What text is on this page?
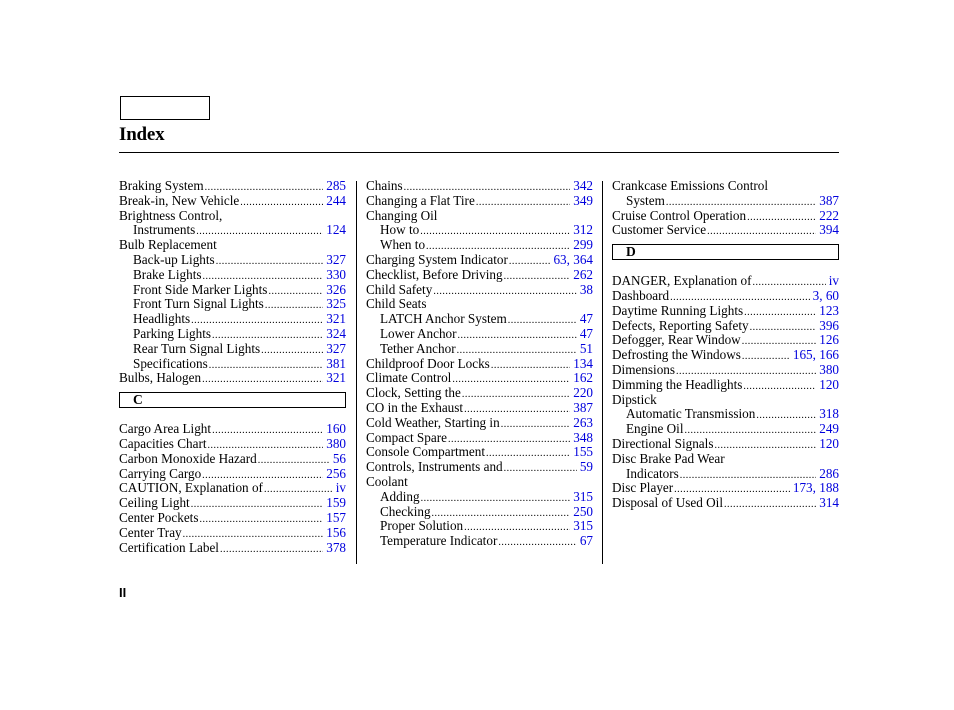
Index
Braking System .....	285
Break-in, New Vehicle .....	244
Brightness Control,
Instruments .....	124
Bulb Replacement
Back-up Lights .....	327
Brake Lights .....	330
Front Side Marker Lights .....	326
Front Turn Signal Lights .....	325
Headlights .....	321
Parking Lights .....	324
Rear Turn Signal Lights .....	327
Specifications .....	381
Bulbs, Halogen .....	321
C
Cargo Area Light .....	160
Capacities Chart .....	380
Carbon Monoxide Hazard .....	56
Carrying Cargo .....	256
CAUTION, Explanation of .....	iv
Ceiling Light .....	159
Center Pockets .....	157
Center Tray .....	156
Certification Label .....	378
Chains .....	342
Changing a Flat Tire .....	349
Changing Oil
How to .....	312
When to .....	299
Charging System Indicator .....	63, 364
Checklist, Before Driving .....	262
Child Safety .....	38
Child Seats
LATCH Anchor System .....	47
Lower Anchor .....	47
Tether Anchor .....	51
Childproof Door Locks .....	134
Climate Control .....	162
Clock, Setting the .....	220
CO in the Exhaust .....	387
Cold Weather, Starting in .....	263
Compact Spare .....	348
Console Compartment .....	155
Controls, Instruments and .....	59
Coolant
Adding .....	315
Checking .....	250
Proper Solution .....	315
Temperature Indicator .....	67
Crankcase Emissions Control
System .....	387
Cruise Control Operation .....	222
Customer Service .....	394
D
DANGER, Explanation of .....	iv
Dashboard .....	3, 60
Daytime Running Lights .....	123
Defects, Reporting Safety .....	396
Defogger, Rear Window .....	126
Defrosting the Windows .....	165, 166
Dimensions .....	380
Dimming the Headlights .....	120
Dipstick
Automatic Transmission .....	318
Engine Oil .....	249
Directional Signals .....	120
Disc Brake Pad Wear
Indicators .....	286
Disc Player .....	173, 188
Disposal of Used Oil .....	314
II
